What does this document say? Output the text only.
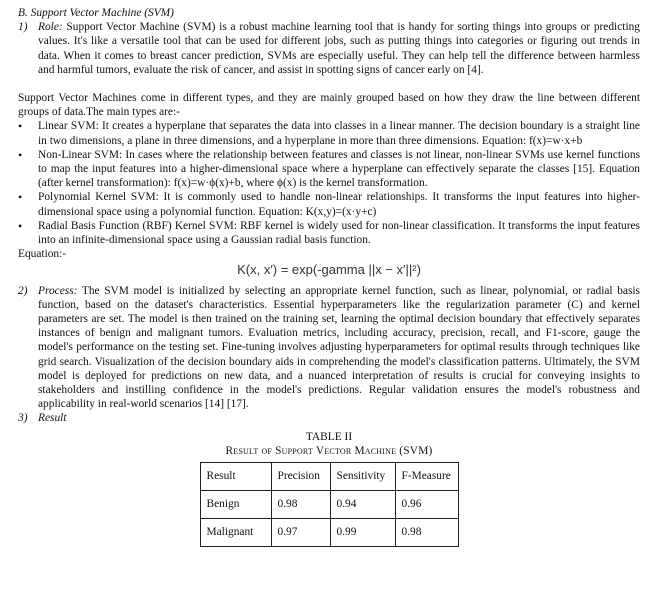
B. Support Vector Machine (SVM)

1) Role: Support Vector Machine (SVM) is a robust machine learning tool that is handy for sorting things into groups or predicting values. It's like a versatile tool that can be used for different jobs, such as putting things into categories or figuring out trends in data. When it comes to breast cancer prediction, SVMs are especially useful. They can help tell the difference between harmless and harmful tumors, evaluate the risk of cancer, and assist in spotting signs of cancer early on [4].

Support Vector Machines come in different types, and they are mainly grouped based on how they draw the line between different groups of data.The main types are:-

•	Linear SVM: It creates a hyperplane that separates the data into classes in a linear manner. The decision boundary is a straight line in two dimensions, a plane in three dimensions, and a hyperplane in more than three dimensions. Equation: f(x)=w·x+b
•	Non-Linear SVM: In cases where the relationship between features and classes is not linear, non-linear SVMs use kernel functions to map the input features into a higher-dimensional space where a hyperplane can effectively separate the classes [15]. Equation (after kernel transformation): f(x)=w·ϕ(x)+b, where ϕ(x) is the kernel transformation.
•	Polynomial Kernel SVM: It is commonly used to handle non-linear relationships. It transforms the input features into higher-dimensional space using a polynomial function. Equation: K(x,y)=(x·y+c)
•	Radial Basis Function (RBF) Kernel SVM: RBF kernel is widely used for non-linear classification. It transforms the input features into an infinite-dimensional space using a Gaussian radial basis function.

Equation:-

K(x, x′) = exp(-gamma ||x − x′||²)
2) Process: The SVM model is initialized by selecting an appropriate kernel function, such as linear, polynomial, or radial basis function, based on the dataset's characteristics. Essential hyperparameters like the regularization parameter (C) and kernel parameters are set. The model is then trained on the training set, learning the optimal decision boundary that effectively separates instances of benign and malignant tumors. Evaluation metrics, including accuracy, precision, recall, and F1-score, gauge the model's performance on the testing set. Fine-tuning involves adjusting hyperparameters for optimal results through techniques like grid search. Visualization of the decision boundary aids in comprehending the model's classification patterns. Ultimately, the SVM model is deployed for predictions on new data, and a nuanced interpretation of results is crucial for conveying insights to stakeholders and instilling confidence in the model's predictions. Regular validation ensures the model's robustness and applicability in real-world scenarios [14] [17].
3) Result
TABLE II
Result of Support Vector Machine (SVM)
Result	Precision	Sensitivity	F-Measure
Benign	0.98	0.94	0.96
Malignant	0.97	0.99	0.98
